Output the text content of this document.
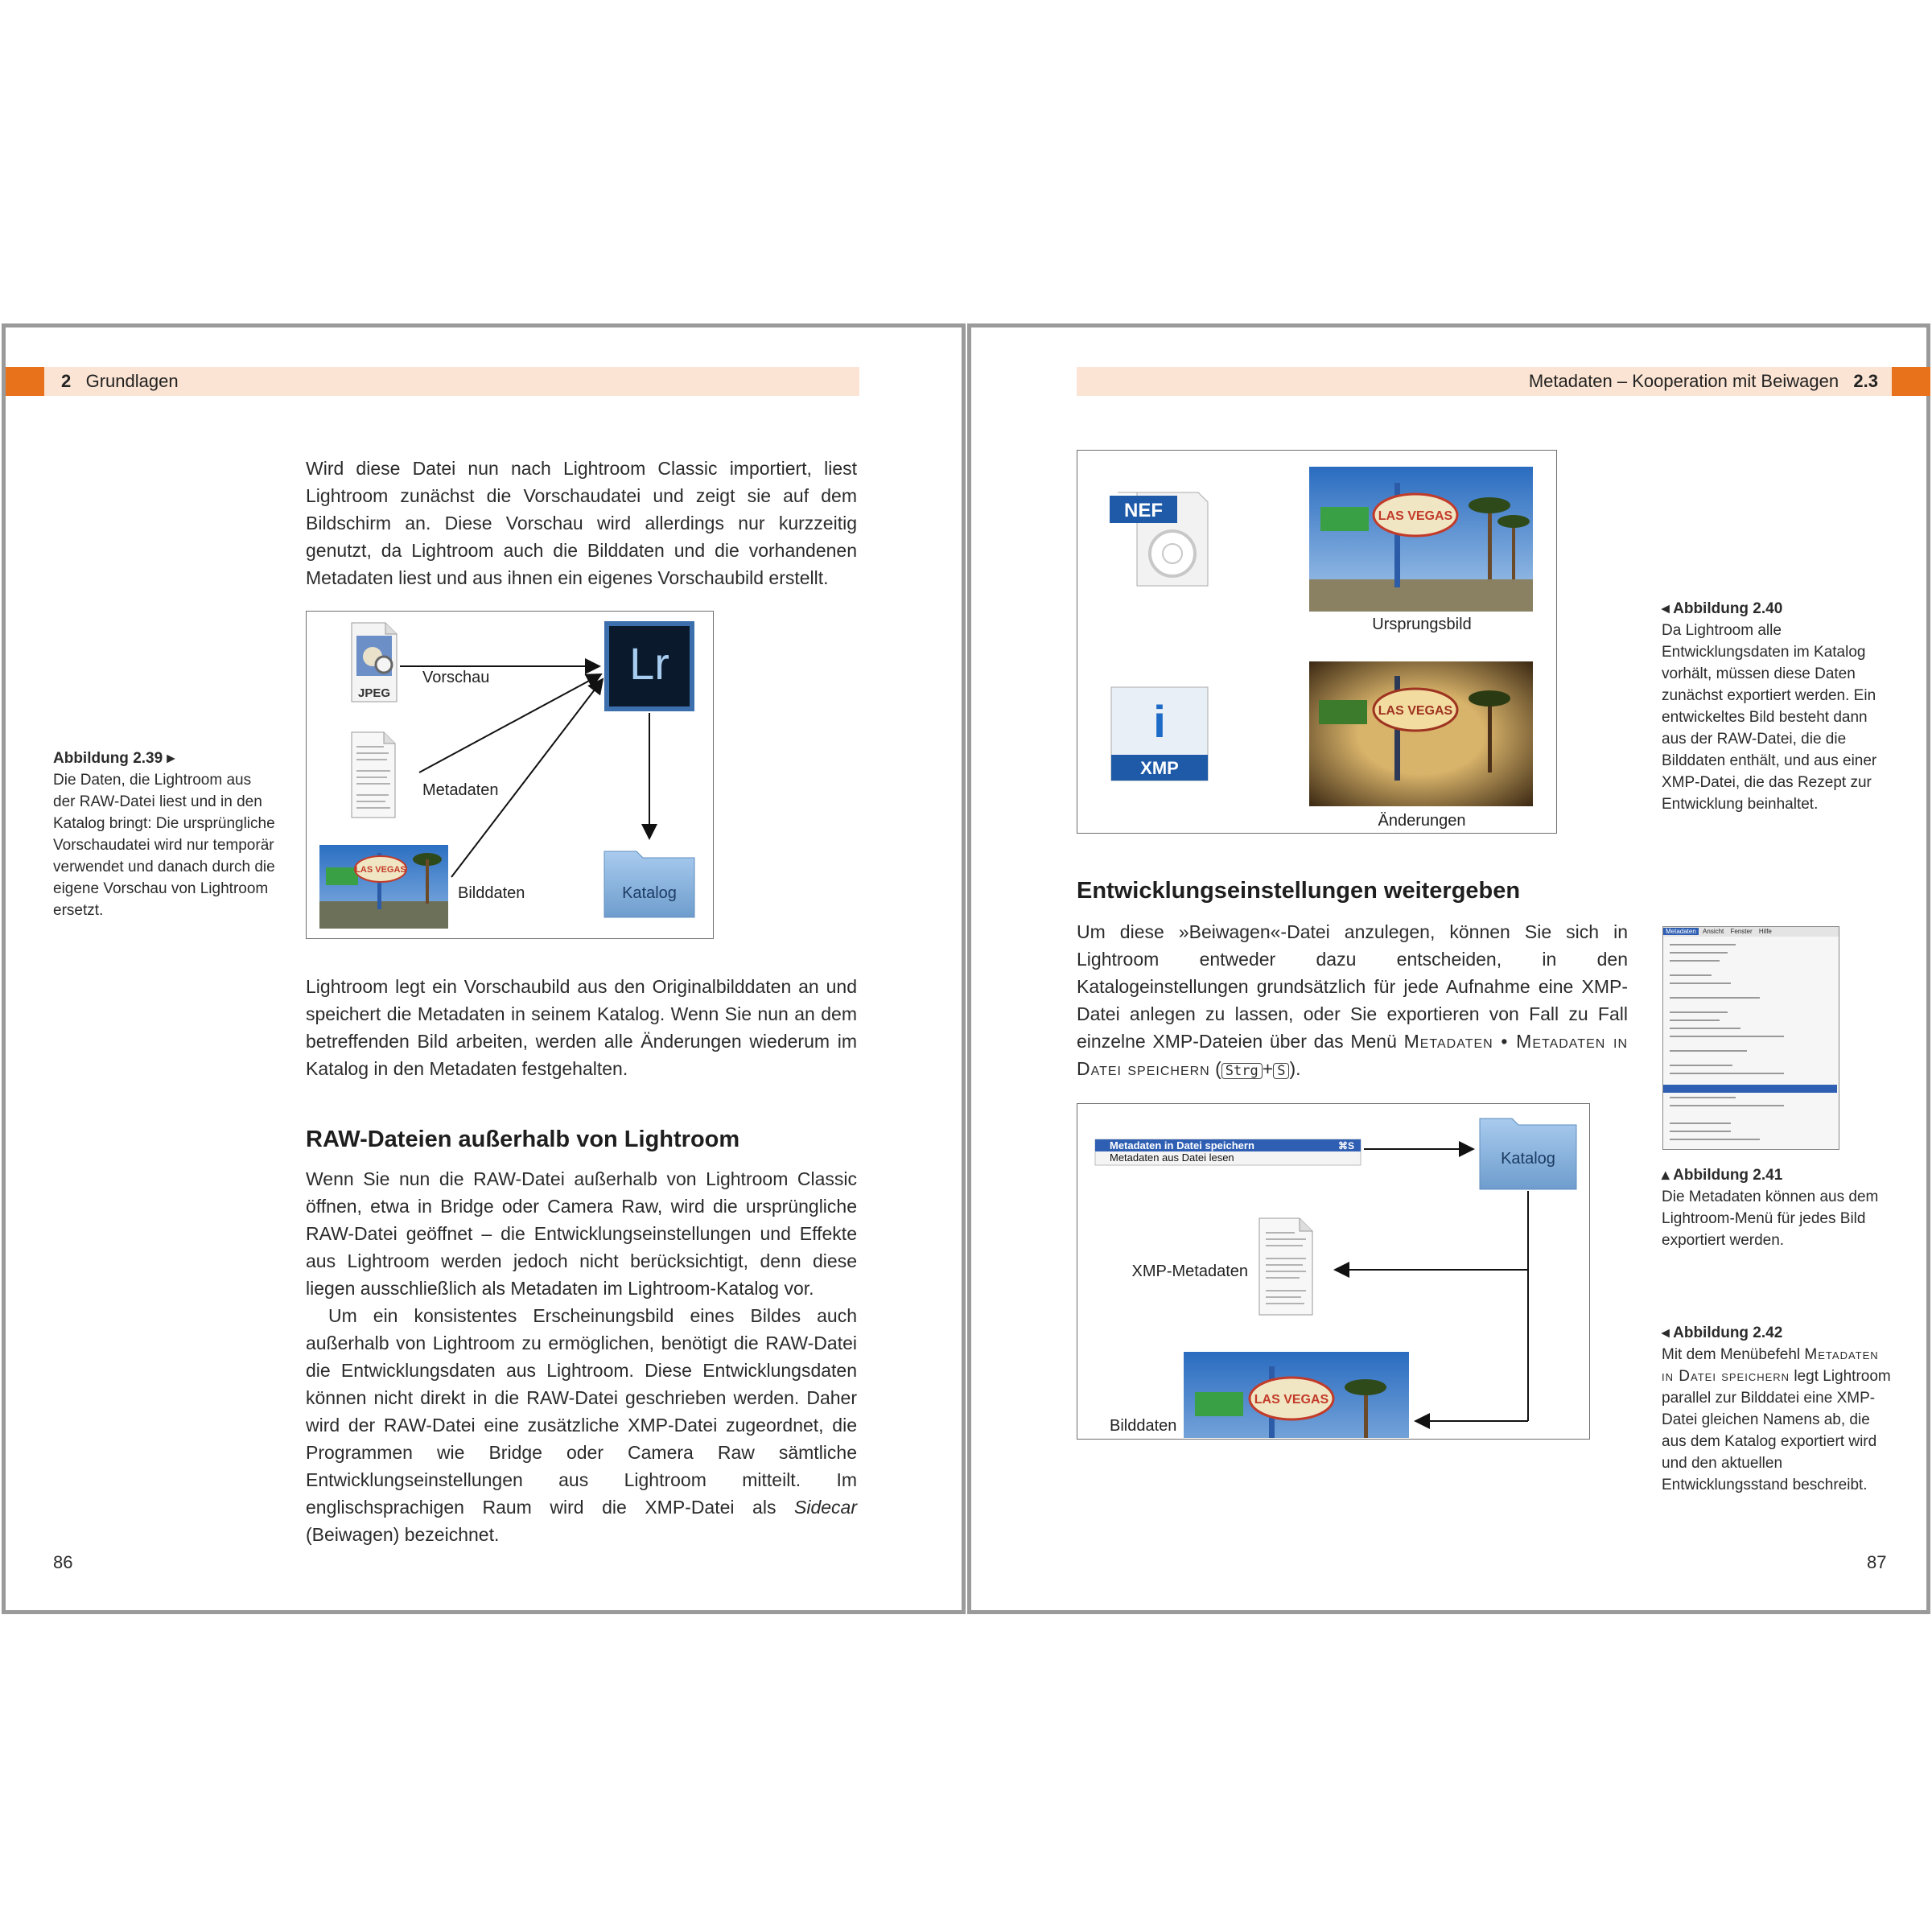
2 Grundlagen

Wird diese Datei nun nach Lightroom Classic importiert, liest Lightroom zunächst die Vorschaudatei und zeigt sie auf dem Bildschirm an. Diese Vorschau wird allerdings nur kurzzeitig genutzt, da Lightroom auch die Bilddaten und die vorhandenen Metadaten liest und aus ihnen ein eigenes Vorschaubild erstellt.

JPEG
LAS VEGAS
Lr
Katalog
Vorschau
Metadaten
Bilddaten
Abbildung 2.39 ▸
Die Daten, die Lightroom aus der RAW-Datei liest und in den Katalog bringt: Die ursprüngliche Vorschaudatei wird nur temporär verwendet und danach durch die eigene Vorschau von Lightroom ersetzt.

Lightroom legt ein Vorschaubild aus den Originalbilddaten an und speichert die Metadaten in seinem Katalog. Wenn Sie nun an dem betreffenden Bild arbeiten, werden alle Änderungen wiederum im Katalog in den Metadaten festgehalten.

RAW-Dateien außerhalb von Lightroom

Wenn Sie nun die RAW-Datei außerhalb von Lightroom Classic öffnen, etwa in Bridge oder Camera Raw, wird die ursprüngliche RAW-Datei geöffnet – die Entwicklungseinstellungen und Effekte aus Lightroom werden jedoch nicht berücksichtigt, denn diese liegen ausschließlich als Metadaten im Lightroom-Katalog vor.

Um ein konsistentes Erscheinungsbild eines Bildes auch außerhalb von Lightroom zu ermöglichen, benötigt die RAW-Datei die Entwicklungsdaten aus Lightroom. Diese Entwicklungsdaten können nicht direkt in die RAW-Datei geschrieben werden. Daher wird der RAW-Datei eine zusätzliche XMP-Datei zugeordnet, die Programmen wie Bridge oder Camera Raw sämtliche Entwicklungseinstellungen aus Lightroom mitteilt. Im englischsprachigen Raum wird die XMP-Datei als Sidecar (Beiwagen) bezeichnet.

86
Metadaten – Kooperation mit Beiwagen 2.3
NEF
i
XMP
LAS VEGAS
Ursprungsbild
LAS VEGAS
Änderungen
◂ Abbildung 2.40
Da Lightroom alle Entwicklungsdaten im Katalog vorhält, müssen diese Daten zunächst exportiert werden. Ein entwickeltes Bild besteht dann aus der RAW-Datei, die die Bilddaten enthält, und aus einer XMP-Datei, die das Rezept zur Entwicklung beinhaltet.
Entwicklungseinstellungen weitergeben

Um diese »Beiwagen«-Datei anzulegen, können Sie sich in Lightroom entweder dazu entscheiden, in den Katalogeinstellungen grundsätzlich für jede Aufnahme eine XMP-Datei anlegen zu lassen, oder Sie exportieren von Fall zu Fall einzelne XMP-Dateien über das Menü Metadaten • Metadaten in Datei speichern ( Strg + S ).

Metadaten Ansicht Fenster Hilfe
▴ Abbildung 2.41
Die Metadaten können aus dem Lightroom-Menü für jedes Bild exportiert werden.
Metadaten in Datei speichern	⌘S
Metadaten aus Datei lesen	Katalog
XMP-Metadaten
LAS VEGAS
Bilddaten
◂ Abbildung 2.42
Mit dem Menübefehl Metadaten in Datei speichern legt Lightroom parallel zur Bilddatei eine XMP-Datei gleichen Namens ab, die aus dem Katalog exportiert wird und den aktuellen Entwicklungsstand beschreibt.
87
